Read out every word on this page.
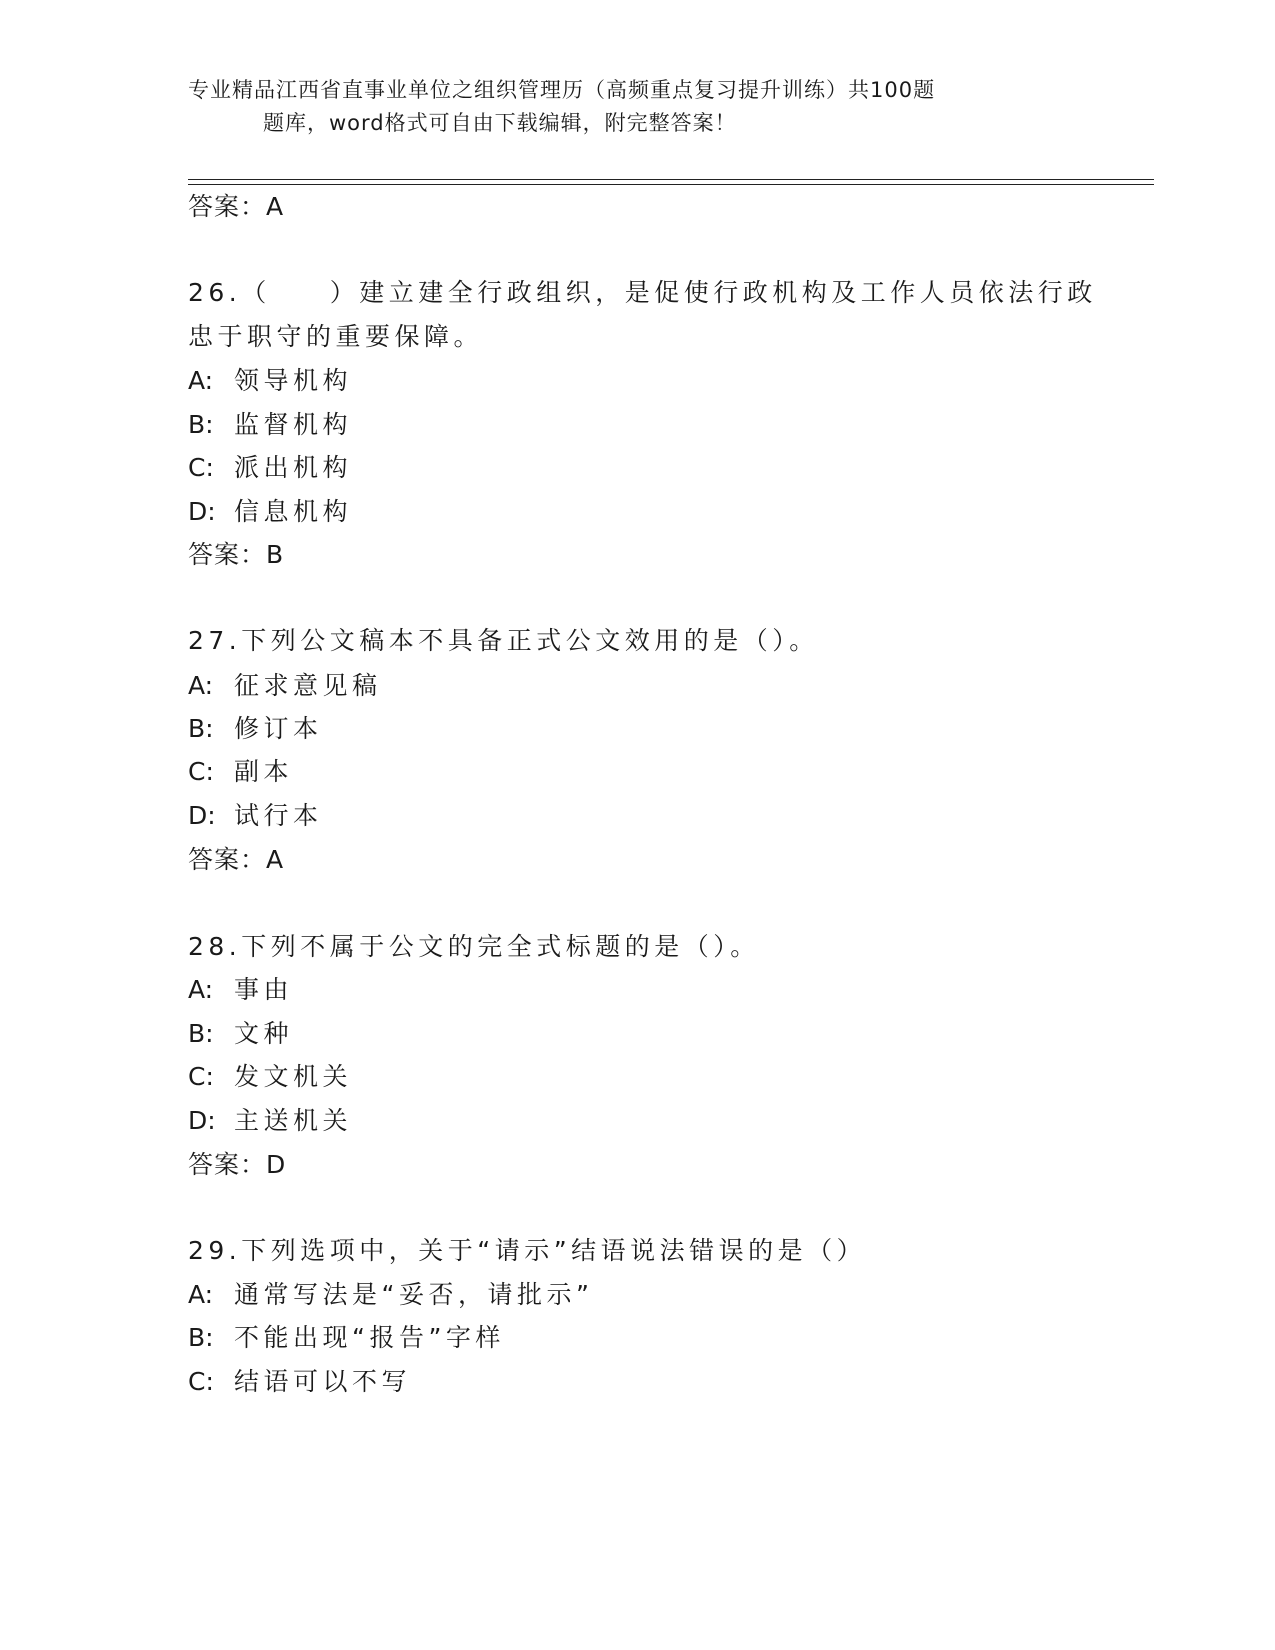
专业精品江西省直事业单位之组织管理历（高频重点复习提升训练）共100题
题库，word格式可自由下载编辑，附完整答案！
答案：A
26.（　　）建立建全行政组织，是促使行政机构及工作人员依法行政
忠于职守的重要保障。
A: 领导机构
B: 监督机构
C: 派出机构
D: 信息机构
答案：B
27.下列公文稿本不具备正式公文效用的是（）。
A: 征求意见稿
B: 修订本
C: 副本
D: 试行本
答案：A
28.下列不属于公文的完全式标题的是（）。
A: 事由
B: 文种
C: 发文机关
D: 主送机关
答案：D
29.下列选项中，关于“请示”结语说法错误的是（）
A: 通常写法是“妥否，请批示”
B: 不能出现“报告”字样
C: 结语可以不写
